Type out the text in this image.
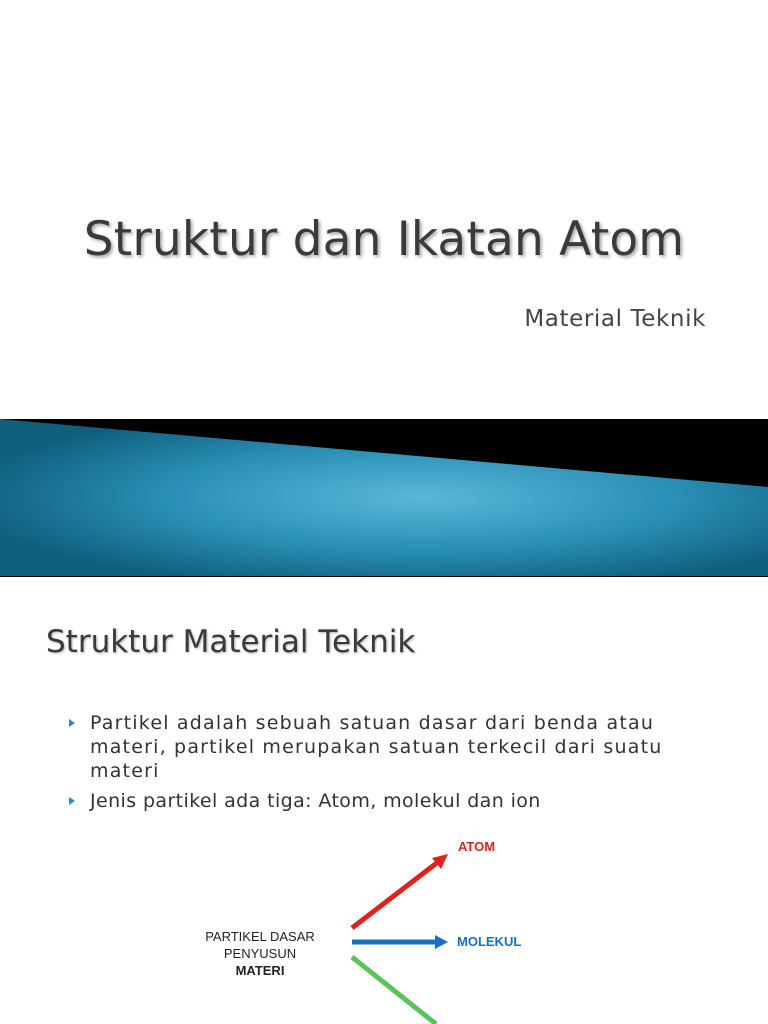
Struktur dan Ikatan Atom
Material Teknik
Struktur Material Teknik
Partikel adalah sebuah satuan dasar dari benda atau materi, partikel merupakan satuan terkecil dari suatu materi
Jenis partikel ada tiga: Atom, molekul dan ion
ATOM
MOLEKUL
PARTIKEL DASAR
PENYUSUN
MATERI
